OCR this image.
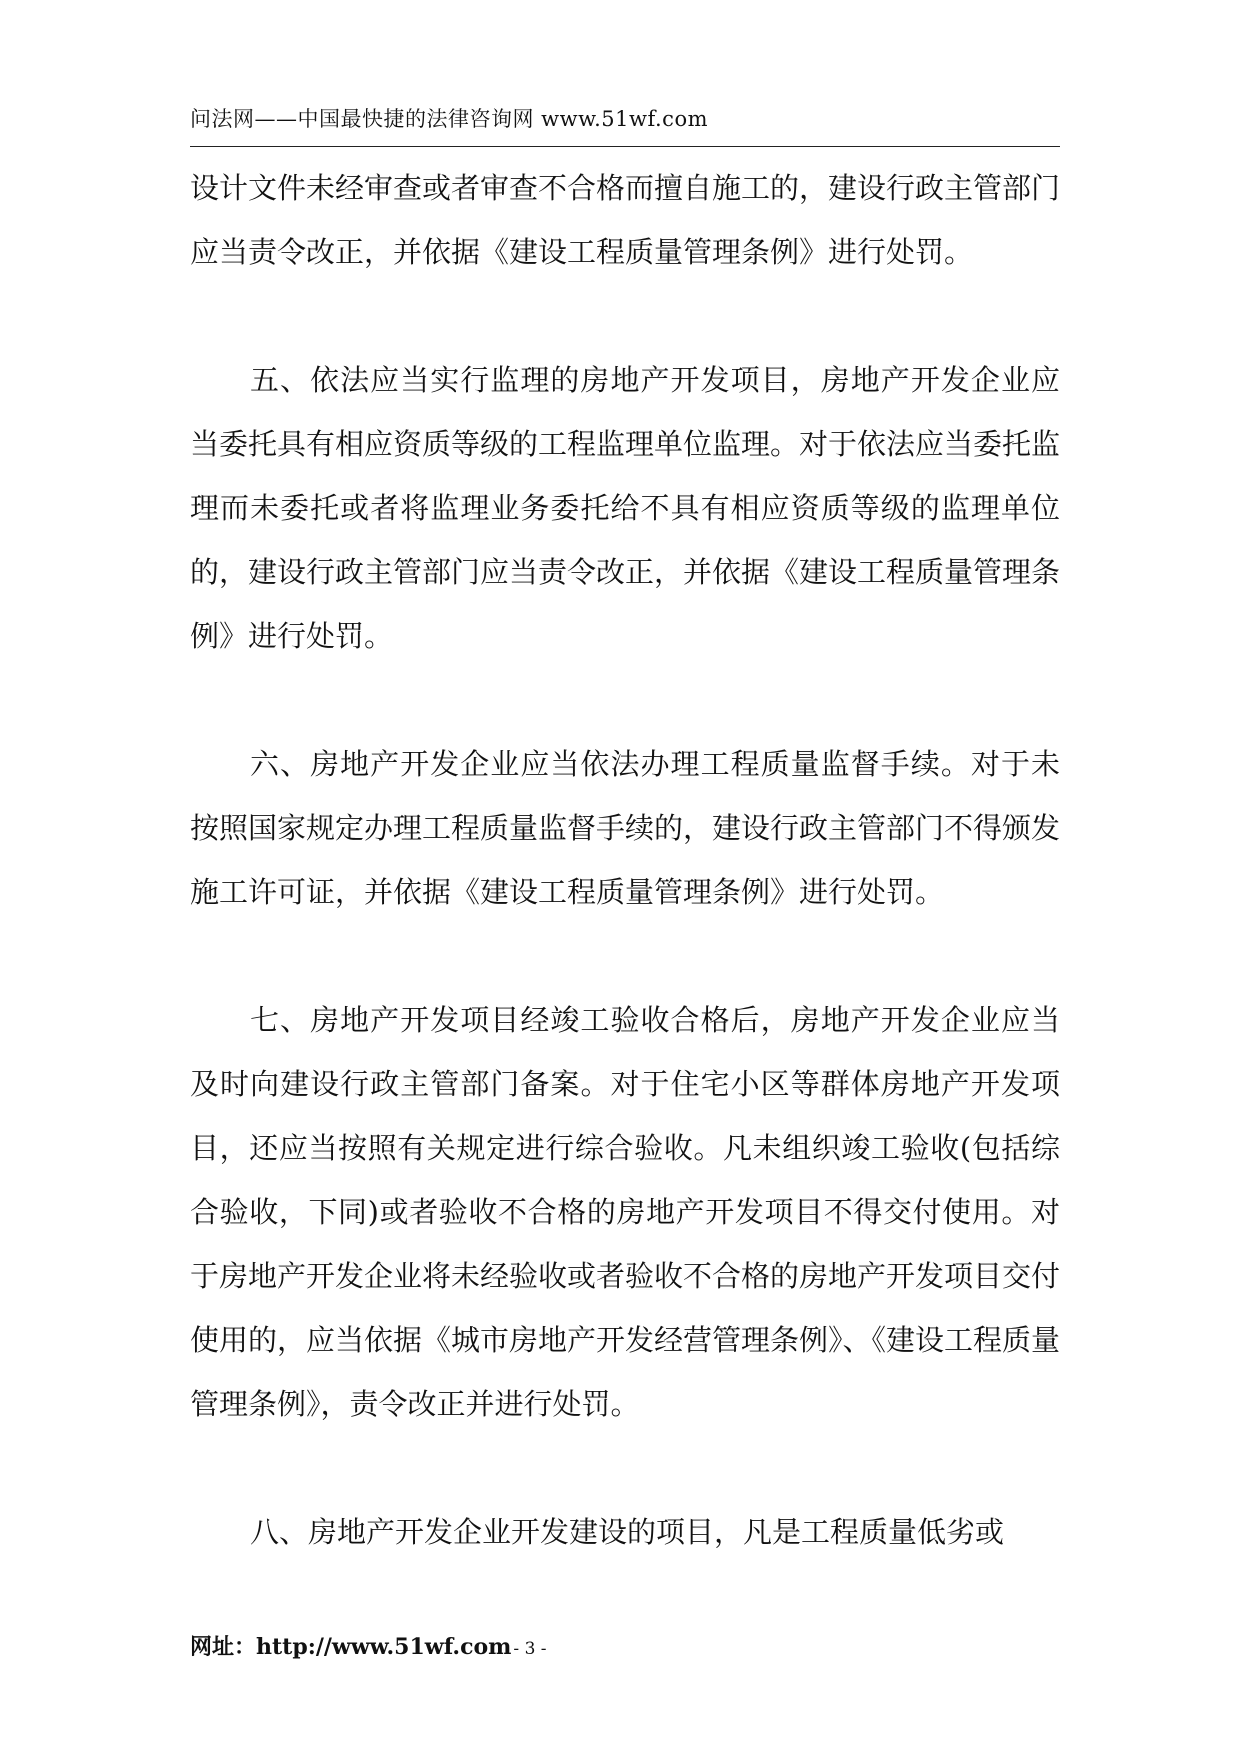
问法网——中国最快捷的法律咨询网 www.51wf.com

设计文件未经审查或者审查不合格而擅自施工的，建设行政主管部门应当责令改正，并依据《建设工程质量管理条例》进行处罚。

五、依法应当实行监理的房地产开发项目，房地产开发企业应当委托具有相应资质等级的工程监理单位监理。对于依法应当委托监理而未委托或者将监理业务委托给不具有相应资质等级的监理单位的，建设行政主管部门应当责令改正，并依据《建设工程质量管理条例》进行处罚。

六、房地产开发企业应当依法办理工程质量监督手续。对于未按照国家规定办理工程质量监督手续的，建设行政主管部门不得颁发施工许可证，并依据《建设工程质量管理条例》进行处罚。

七、房地产开发项目经竣工验收合格后，房地产开发企业应当及时向建设行政主管部门备案。对于住宅小区等群体房地产开发项目，还应当按照有关规定进行综合验收。凡未组织竣工验收(包括综合验收，下同)或者验收不合格的房地产开发项目不得交付使用。对于房地产开发企业将未经验收或者验收不合格的房地产开发项目交付使用的，应当依据《城市房地产开发经营管理条例》、《建设工程质量管理条例》，责令改正并进行处罚。

八、房地产开发企业开发建设的项目，凡是工程质量低劣或

网址：http://www.51wf.com - 3 -
